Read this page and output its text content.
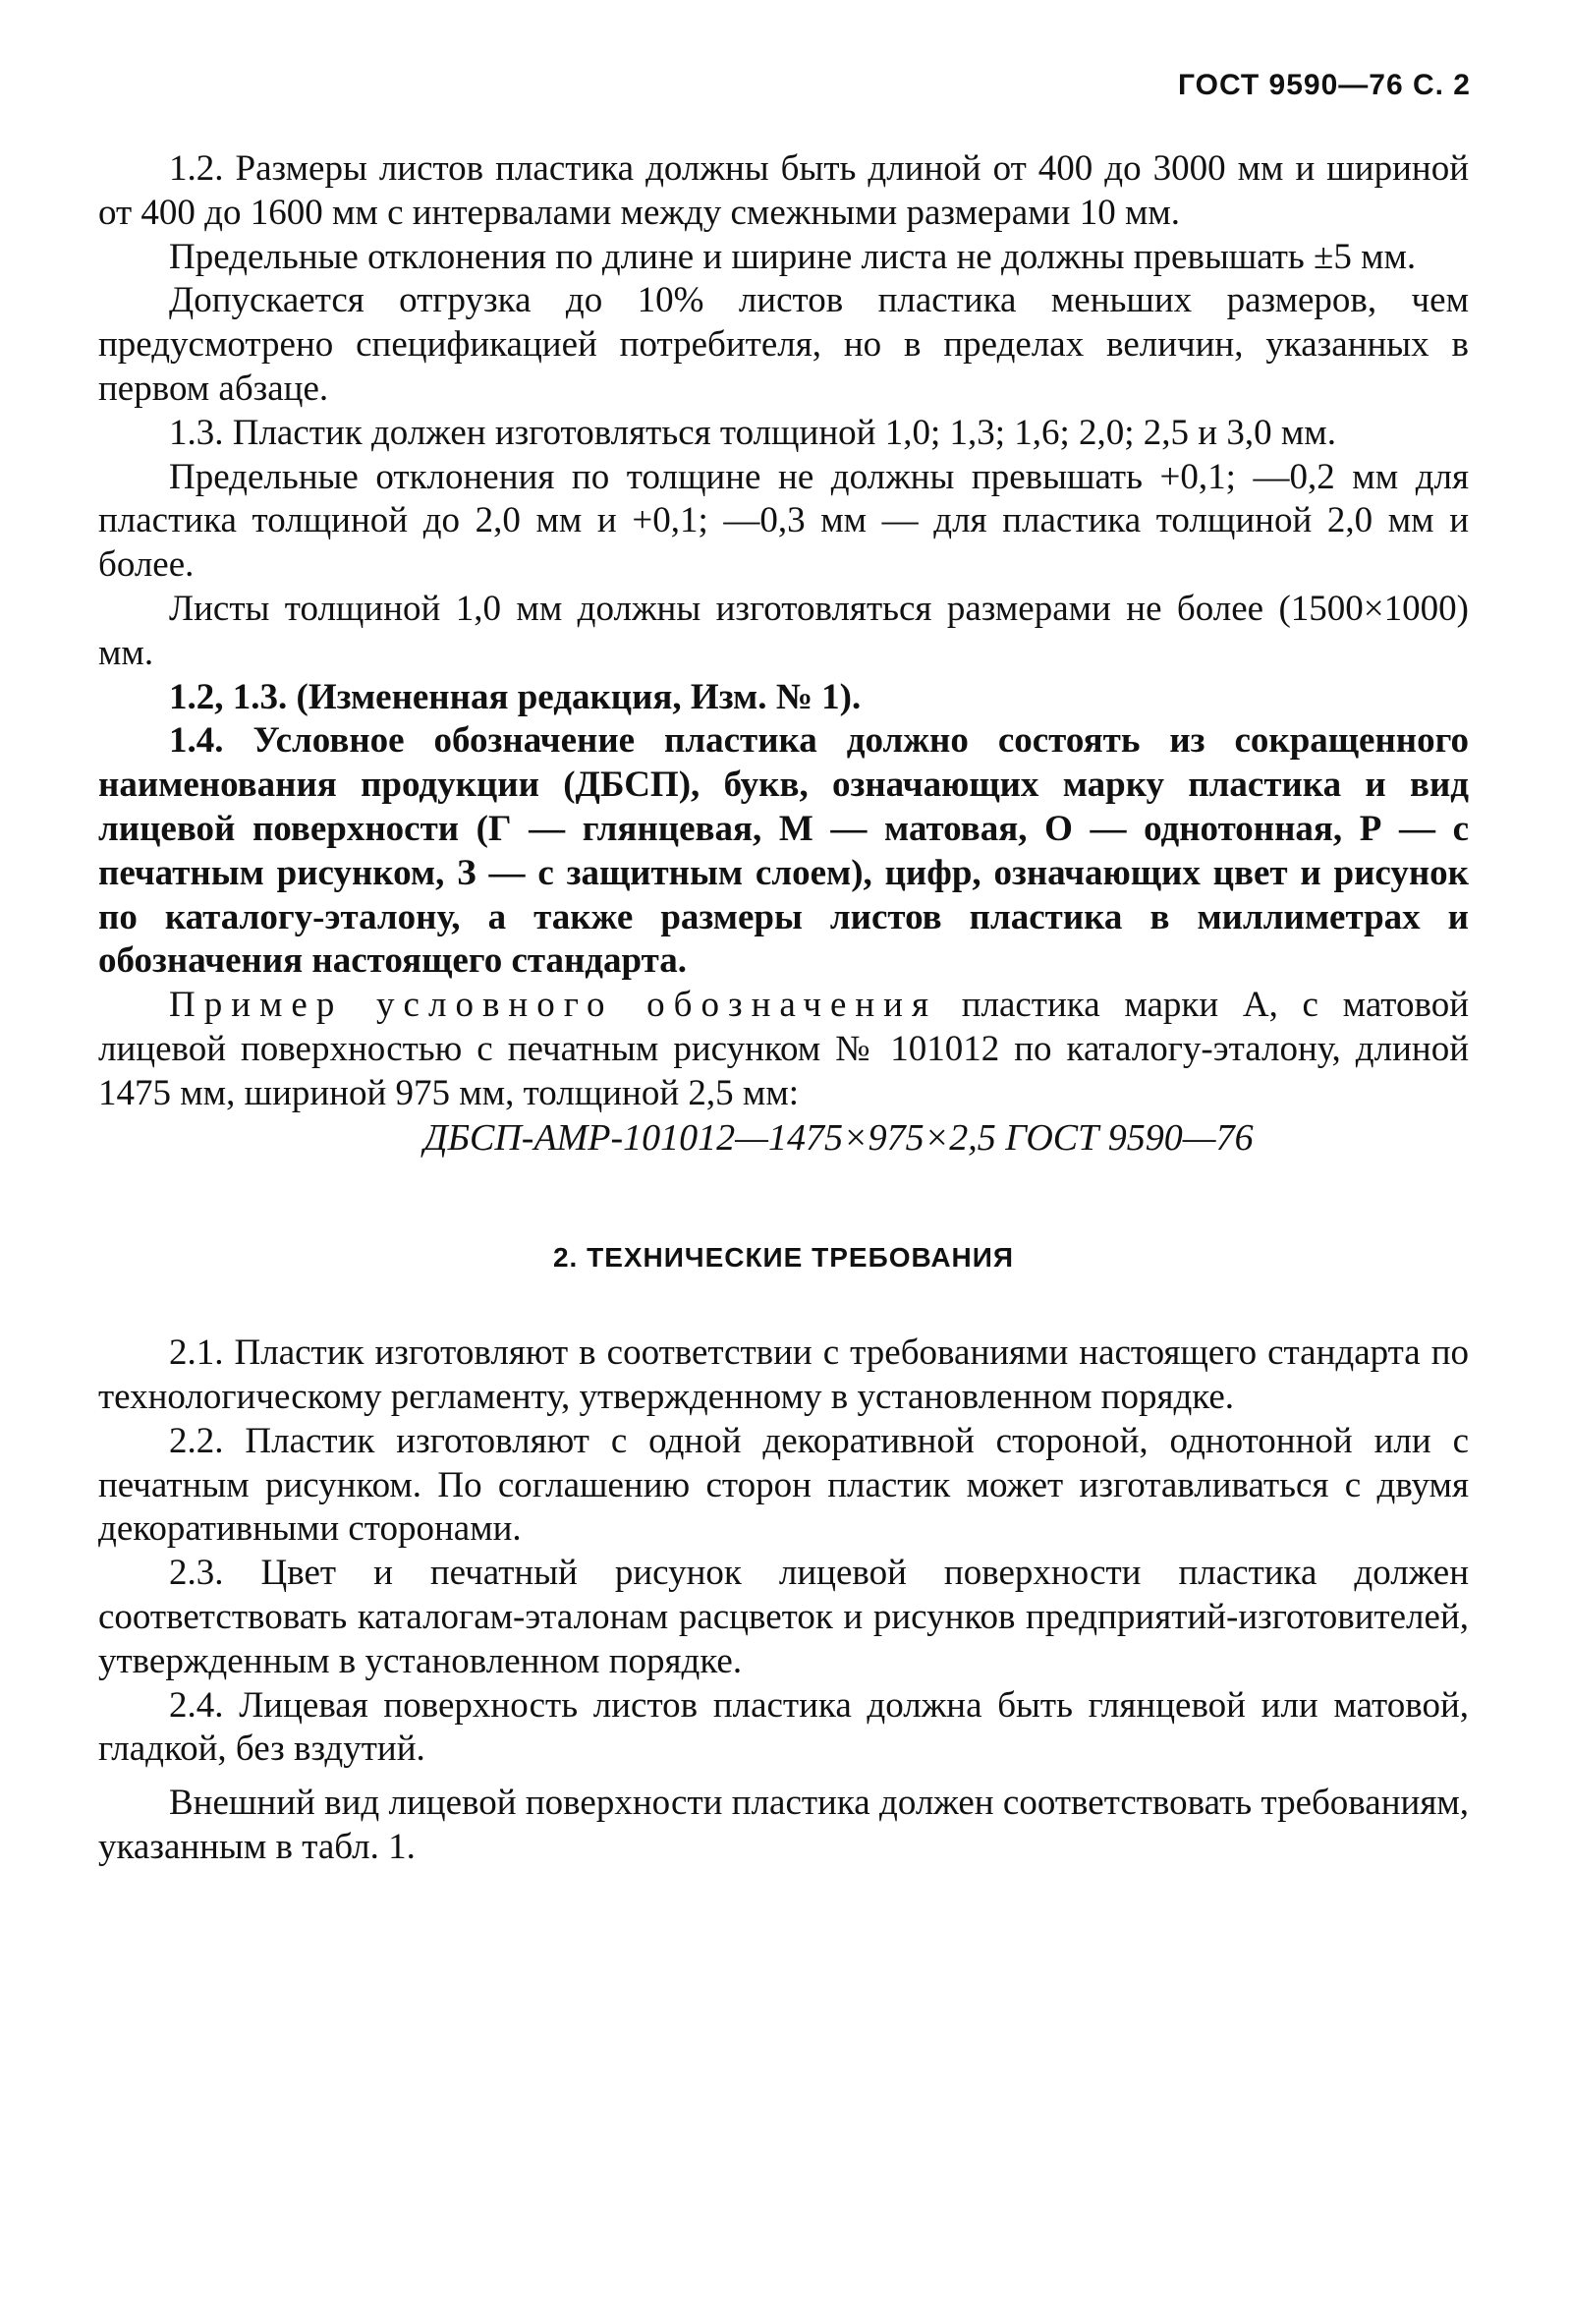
ГОСТ 9590—76 С. 2

1.2. Размеры листов пластика должны быть длиной от 400 до 3000 мм и шириной от 400 до 1600 мм с интервалами между смежными размерами 10 мм.

Предельные отклонения по длине и ширине листа не должны превышать ±5 мм.

Допускается отгрузка до 10% листов пластика меньших размеров, чем предусмотрено спецификацией потребителя, но в пределах величин, указанных в первом абзаце.

1.3. Пластик должен изготовляться толщиной 1,0; 1,3; 1,6; 2,0; 2,5 и 3,0 мм.

Предельные отклонения по толщине не должны превышать +0,1; —0,2 мм для пластика толщиной до 2,0 мм и +0,1; —0,3 мм — для пластика толщиной 2,0 мм и более.

Листы толщиной 1,0 мм должны изготовляться размерами не более (1500×1000) мм.

1.2, 1.3. (Измененная редакция, Изм. № 1).

1.4. Условное обозначение пластика должно состоять из сокращенного наименования продукции (ДБСП), букв, означающих марку пластика и вид лицевой поверхности (Г — глянцевая, М — матовая, О — однотонная, Р — с печатным рисунком, З — с защитным слоем), цифр, означающих цвет и рисунок по каталогу-эталону, а также размеры листов пластика в миллиметрах и обозначения настоящего стандарта.

Пример условного обозначения пластика марки А, с матовой лицевой поверхностью с печатным рисунком № 101012 по каталогу-эталону, длиной 1475 мм, шириной 975 мм, толщиной 2,5 мм:

ДБСП-АМР-101012—1475×975×2,5 ГОСТ 9590—76

2. ТЕХНИЧЕСКИЕ ТРЕБОВАНИЯ

2.1. Пластик изготовляют в соответствии с требованиями настоящего стандарта по технологическому регламенту, утвержденному в установленном порядке.

2.2. Пластик изготовляют с одной декоративной стороной, однотонной или с печатным рисунком. По соглашению сторон пластик может изготавливаться с двумя декоративными сторонами.

2.3. Цвет и печатный рисунок лицевой поверхности пластика должен соответствовать каталогам-эталонам расцветок и рисунков предприятий-изготовителей, утвержденным в установленном порядке.

2.4. Лицевая поверхность листов пластика должна быть глянцевой или матовой, гладкой, без вздутий.

Внешний вид лицевой поверхности пластика должен соответствовать требованиям, указанным в табл. 1.
